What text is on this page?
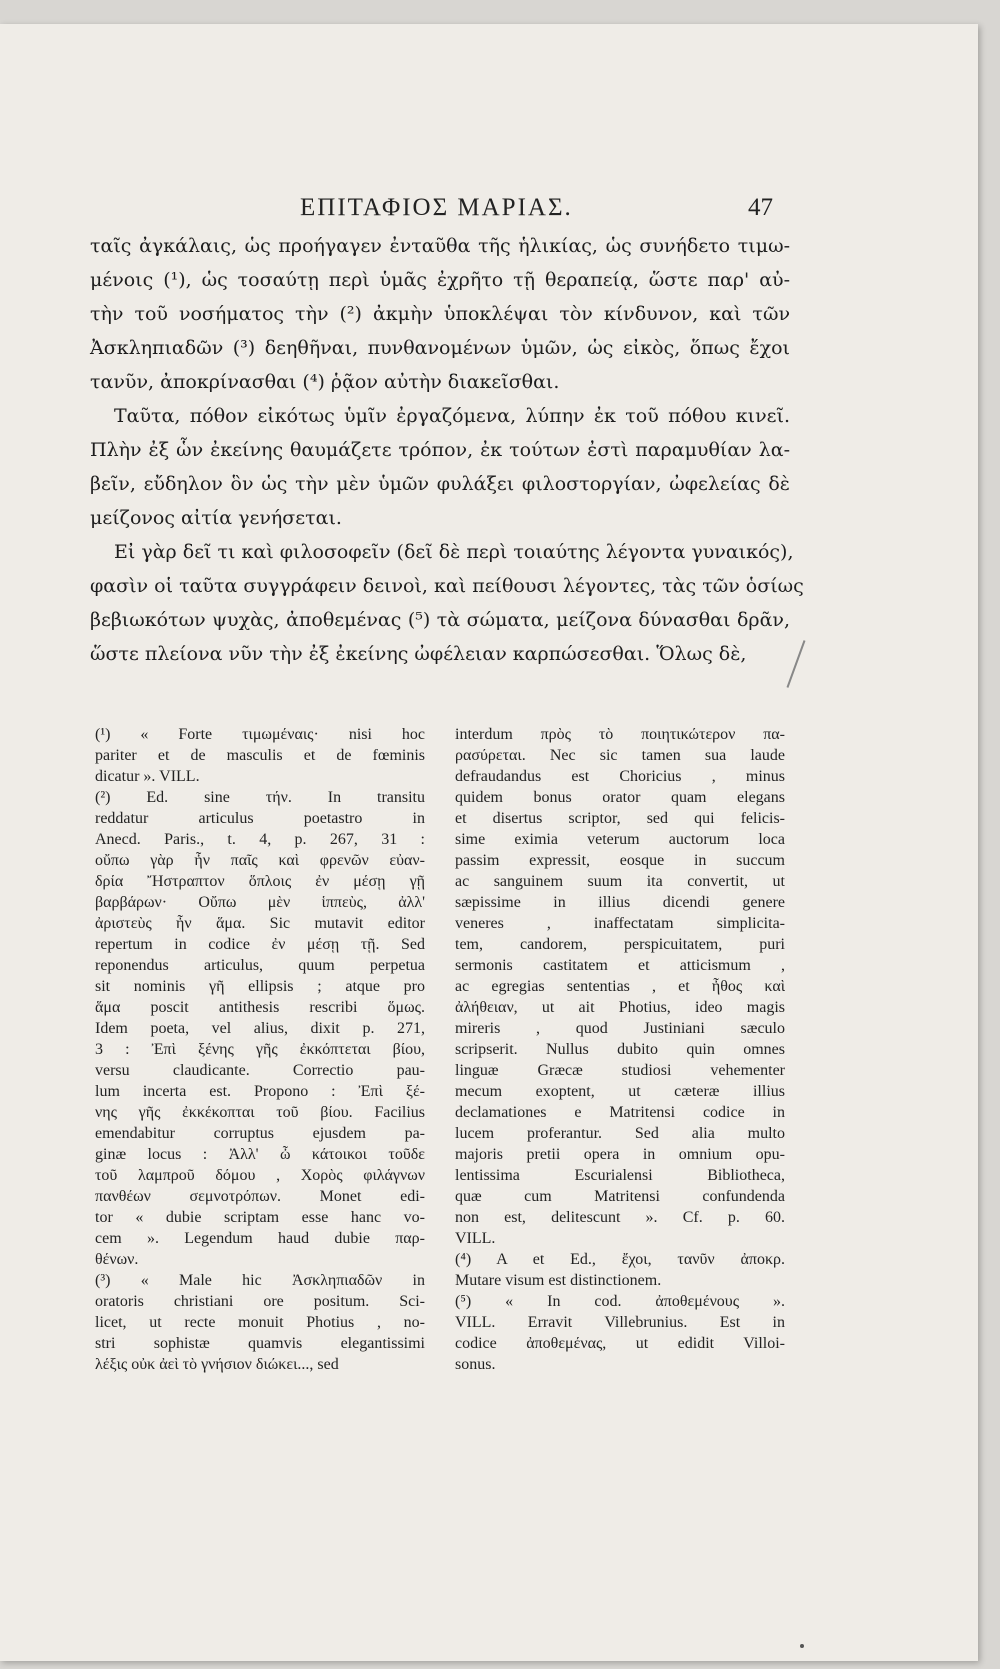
ΕΠΙΤΑΦΙΟΣ ΜΑΡΙΑΣ.	47
ταῖς ἀγκάλαις, ὡς προήγαγεν ἐνταῦθα τῆς ἡλικίας, ὡς συνήδετο τιμω-
μένοις (¹), ὡς τοσαύτῃ περὶ ὑμᾶς ἐχρῆτο τῇ θεραπείᾳ, ὥστε παρ' αὐ-
τὴν τοῦ νοσήματος τὴν (²) ἀκμὴν ὑποκλέψαι τὸν κίνδυνον, καὶ τῶν
Ἀσκληπιαδῶν (³) δεηθῆναι, πυνθανομένων ὑμῶν, ὡς εἰκὸς, ὅπως ἔχοι
τανῦν, ἀποκρίνασθαι (⁴) ῥᾷον αὐτὴν διακεῖσθαι.
Ταῦτα, πόθον εἰκότως ὑμῖν ἐργαζόμενα, λύπην ἐκ τοῦ πόθου κινεῖ.
Πλὴν ἐξ ὧν ἐκείνης θαυμάζετε τρόπον, ἐκ τούτων ἐστὶ παραμυθίαν λα-
βεῖν, εὔδηλον ὃν ὡς τὴν μὲν ὑμῶν φυλάξει φιλοστοργίαν, ὠφελείας δὲ
μείζονος αἰτία γενήσεται.
Εἰ γὰρ δεῖ τι καὶ φιλοσοφεῖν (δεῖ δὲ περὶ τοιαύτης λέγοντα γυναικός),
φασὶν οἱ ταῦτα συγγράφειν δεινοὶ, καὶ πείθουσι λέγοντες, τὰς τῶν ὁσίως
βεβιωκότων ψυχὰς, ἀποθεμένας (⁵) τὰ σώματα, μείζονα δύνασθαι δρᾶν,
ὥστε πλείονα νῦν τὴν ἐξ ἐκείνης ὠφέλειαν καρπώσεσθαι. Ὅλως δὲ,
(¹) « Forte τιμωμέναις· nisi hoc
pariter et de masculis et de fœminis
dicatur ». VILL.
(²) Ed. sine τήν. In transitu
reddatur articulus poetastro in
Anecd. Paris., t. 4, p. 267, 31 :
οὔπω γὰρ ἦν παῖς καὶ φρενῶν εὐαν-
δρία Ἤστραπτον ὅπλοις ἐν μέσῃ γῇ
βαρβάρων· Οὔπω μὲν ἱππεὺς, ἀλλ'
ἀριστεὺς ἦν ἅμα. Sic mutavit editor
repertum in codice ἐν μέσῃ τῇ. Sed
reponendus articulus, quum perpetua
sit nominis γῆ ellipsis ; atque pro
ἅμα poscit antithesis rescribi ὅμως.
Idem poeta, vel alius, dixit p. 271,
3 : Ἐπὶ ξένης γῆς ἐκκόπτεται βίου,
versu claudicante. Correctio pau-
lum incerta est. Propono : Ἐπὶ ξέ-
νης γῆς ἐκκέκοπται τοῦ βίου. Facilius
emendabitur corruptus ejusdem pa-
ginæ locus : Ἀλλ' ὦ κάτοικοι τοῦδε
τοῦ λαμπροῦ δόμου , Χορὸς φιλάγνων
πανθέων σεμνοτρόπων. Monet edi-
tor « dubie scriptam esse hanc vo-
cem ». Legendum haud dubie παρ-
θένων.
(³) « Male hic Ἀσκληπιαδῶν in
oratoris christiani ore positum. Sci-
licet, ut recte monuit Photius , no-
stri sophistæ quamvis elegantissimi
λέξις οὐκ ἀεὶ τὸ γνήσιον διώκει..., sed
interdum πρὸς τὸ ποιητικώτερον πα-
ρασύρεται. Nec sic tamen sua laude
defraudandus est Choricius , minus
quidem bonus orator quam elegans
et disertus scriptor, sed qui felicis-
sime eximia veterum auctorum loca
passim expressit, eosque in succum
ac sanguinem suum ita convertit, ut
sæpissime in illius dicendi genere
veneres , inaffectatam simplicita-
tem, candorem, perspicuitatem, puri
sermonis castitatem et atticismum ,
ac egregias sententias , et ἦθος καὶ
ἀλήθειαν, ut ait Photius, ideo magis
mireris , quod Justiniani sæculo
scripserit. Nullus dubito quin omnes
linguæ Græcæ studiosi vehementer
mecum exoptent, ut cæteræ illius
declamationes e Matritensi codice in
lucem proferantur. Sed alia multo
majoris pretii opera in omnium opu-
lentissima Escurialensi Bibliotheca,
quæ cum Matritensi confundenda
non est, delitescunt ». Cf. p. 60.
VILL.
(⁴) A et Ed., ἔχοι, τανῦν ἀποκρ.
Mutare visum est distinctionem.
(⁵) « In cod. ἀποθεμένους ».
VILL. Erravit Villebrunius. Est in
codice ἀποθεμένας, ut edidit Villoi-
sonus.
